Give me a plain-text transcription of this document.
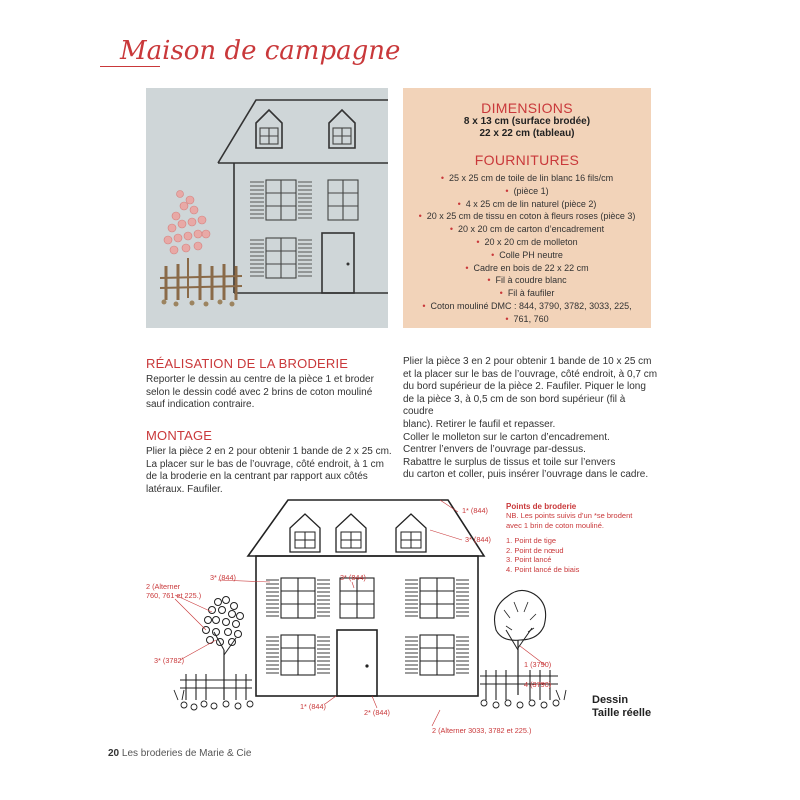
Maison de campagne
DIMENSIONS
8 x 13 cm (surface brodée)
22 x 22 cm (tableau)
FOURNITURES
• 25 x 25 cm de toile de lin blanc 16 fils/cm
• (pièce 1)
• 4 x 25 cm de lin naturel (pièce 2)
• 20 x 25 cm de tissu en coton à fleurs roses (pièce 3)
• 20 x 20 cm de carton d’encadrement
• 20 x 20 cm de molleton
• Colle PH neutre
• Cadre en bois de 22 x 22 cm
• Fil à coudre blanc
• Fil à faufiler
• Coton mouliné DMC : 844, 3790, 3782, 3033, 225,
• 761, 760
RÉALISATION DE LA BRODERIE
Reporter le dessin au centre de la pièce 1 et broder
selon le dessin codé avec 2 brins de coton mouliné
sauf indication contraire.
MONTAGE
Plier la pièce 2 en 2 pour obtenir 1 bande de 2 x 25 cm.
La placer sur le bas de l’ouvrage, côté endroit, à 1 cm
de la broderie en la centrant par rapport aux côtés
latéraux. Faufiler.
Plier la pièce 3 en 2 pour obtenir 1 bande de 10 x 25 cm
et la placer sur le bas de l’ouvrage, côté endroit, à 0,7 cm
du bord supérieur de la pièce 2. Faufiler. Piquer le long
de la pièce 3, à 0,5 cm de son bord supérieur (fil à coudre
blanc). Retirer le faufil et repasser.
Coller le molleton sur le carton d’encadrement.
Centrer l’envers de l’ouvrage par-dessus.
Rabattre le surplus de tissus et toile sur l’envers
du carton et coller, puis insérer l’ouvrage dans le cadre.
1* (844)
3* (844)
3* (844)	3* (844)
2 (Alterner
760, 761 et 225.)
3* (3782)	1 (3790)
4 (3790)
1* (844)
2* (844)
2 (Alterner 3033, 3782 et 225.)
Points de broderie
NB. Les points suivis d’un *se brodent
avec 1 brin de coton mouliné.
1. Point de tige
2. Point de nœud
3. Point lancé
4. Point lancé de biais
Dessin
Taille réelle
20 Les broderies de Marie & Cie
